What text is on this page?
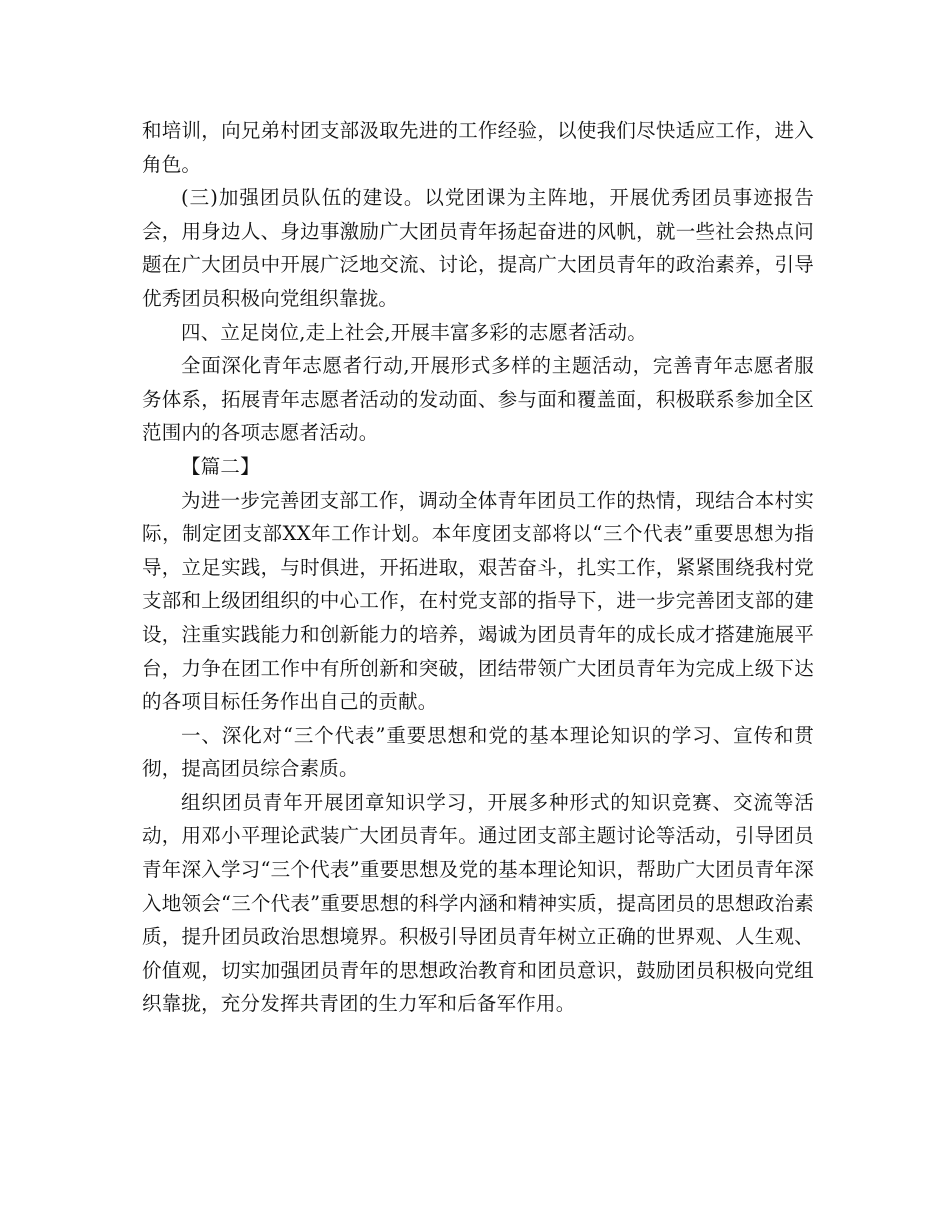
和培训，向兄弟村团支部汲取先进的工作经验，以使我们尽快适应工作，进入角色。

(三)加强团员队伍的建设。以党团课为主阵地，开展优秀团员事迹报告会，用身边人、身边事激励广大团员青年扬起奋进的风帆，就一些社会热点问题在广大团员中开展广泛地交流、讨论，提高广大团员青年的政治素养，引导优秀团员积极向党组织靠拢。

四、立足岗位,走上社会,开展丰富多彩的志愿者活动。

全面深化青年志愿者行动,开展形式多样的主题活动，完善青年志愿者服务体系，拓展青年志愿者活动的发动面、参与面和覆盖面，积极联系参加全区范围内的各项志愿者活动。

【篇二】

为进一步完善团支部工作，调动全体青年团员工作的热情，现结合本村实际，制定团支部XX年工作计划。本年度团支部将以“三个代表”重要思想为指导，立足实践，与时俱进，开拓进取，艰苦奋斗，扎实工作，紧紧围绕我村党支部和上级团组织的中心工作，在村党支部的指导下，进一步完善团支部的建设，注重实践能力和创新能力的培养，竭诚为团员青年的成长成才搭建施展平台，力争在团工作中有所创新和突破，团结带领广大团员青年为完成上级下达的各项目标任务作出自己的贡献。

一、深化对“三个代表”重要思想和党的基本理论知识的学习、宣传和贯彻，提高团员综合素质。

组织团员青年开展团章知识学习，开展多种形式的知识竞赛、交流等活动，用邓小平理论武装广大团员青年。通过团支部主题讨论等活动，引导团员青年深入学习“三个代表”重要思想及党的基本理论知识，帮助广大团员青年深入地领会“三个代表”重要思想的科学内涵和精神实质，提高团员的思想政治素质，提升团员政治思想境界。积极引导团员青年树立正确的世界观、人生观、价值观，切实加强团员青年的思想政治教育和团员意识，鼓励团员积极向党组织靠拢，充分发挥共青团的生力军和后备军作用。
